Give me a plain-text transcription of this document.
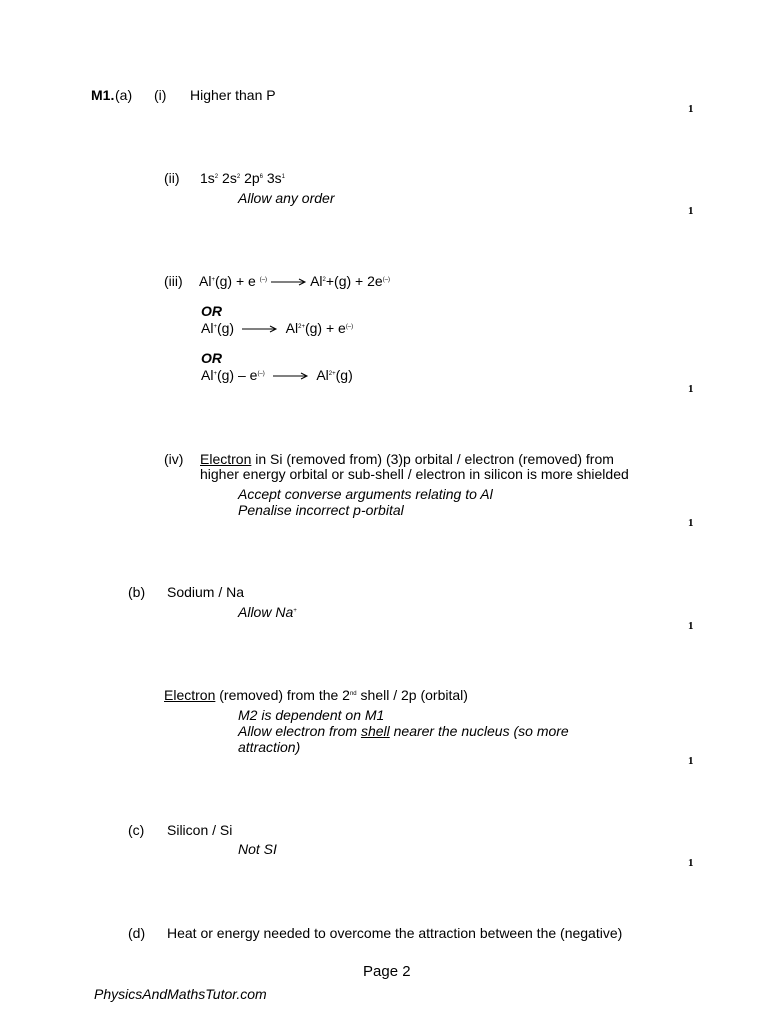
M1. (a) (i) Higher than P
1
(ii) $1s^2$ $2s^2$ $2p^6$ $3s^1$
Allow any order
1
(iii) Al+(g) + e $^{(-)} \to Al^2+(g) + 2e^{(-)}$
OR
$Al^+(g) \to Al^{2+}(g) + e^{(-)}$
OR
$Al^+(g) - e^{(-)} \to Al^{2+}(g)$
1
(iv) Electron in Si (removed from) (3)p orbital / electron (removed) from
higher energy orbital or sub-shell / electron in silicon is more shielded
Accept converse arguments relating to Al
Penalise incorrect p-orbital
1
(b) Sodium / Na
Allow Na+
1
Electron (removed) from the 2nd shell / 2p (orbital)
M2 is dependent on M1
Allow electron from shell nearer the nucleus (so more
attraction)
1
(c) Silicon / Si
Not SI
1
(d) Heat or energy needed to overcome the attraction between the (negative)
Page 2
PhysicsAndMathsTutor.com
